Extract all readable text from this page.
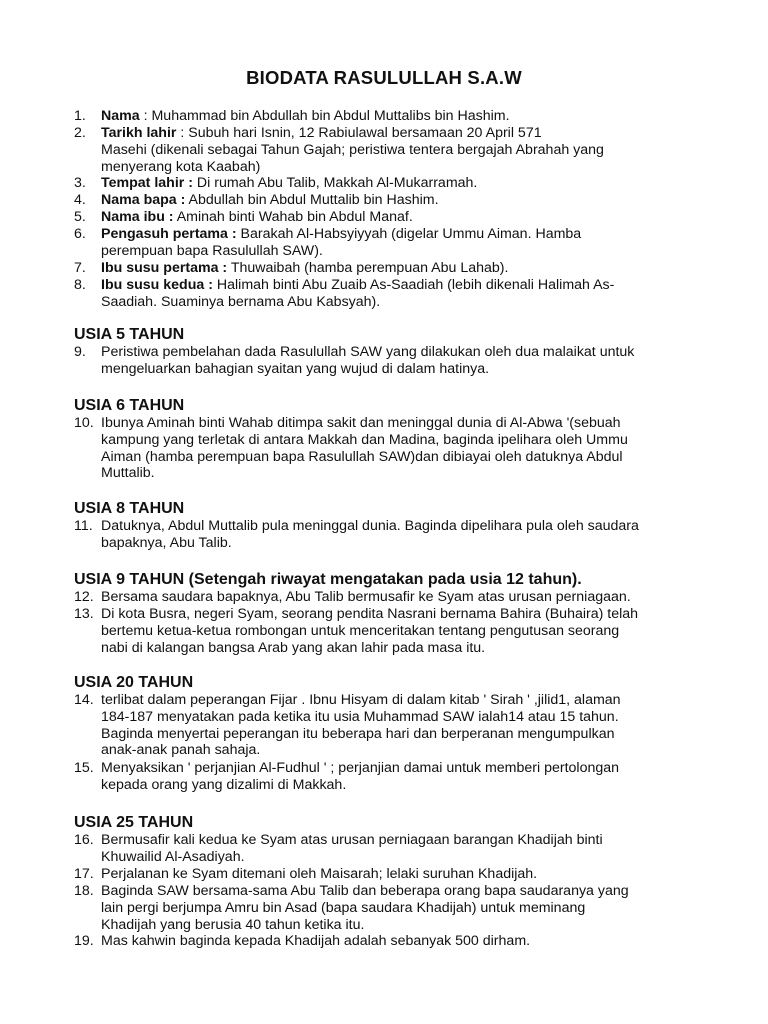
BIODATA RASULULLAH S.A.W
USIA 5 TAHUN
USIA 6 TAHUN
USIA 8 TAHUN
USIA 9 TAHUN (Setengah riwayat mengatakan pada usia 12 tahun).
USIA 20 TAHUN
USIA 25 TAHUN
1. Nama : Muhammad bin Abdullah bin Abdul Muttalibs bin Hashim.
2. Tarikh lahir : Subuh hari Isnin, 12 Rabiulawal bersamaan 20 April 571
Masehi (dikenali sebagai Tahun Gajah; peristiwa tentera bergajah Abrahah yang
menyerang kota Kaabah)
3. Tempat lahir : Di rumah Abu Talib, Makkah Al-Mukarramah.
4. Nama bapa : Abdullah bin Abdul Muttalib bin Hashim.
5. Nama ibu : Aminah binti Wahab bin Abdul Manaf.
6. Pengasuh pertama : Barakah Al-Habsyiyyah (digelar Ummu Aiman. Hamba
perempuan bapa Rasulullah SAW).
7. Ibu susu pertama : Thuwaibah (hamba perempuan Abu Lahab).
8. Ibu susu kedua : Halimah binti Abu Zuaib As-Saadiah (lebih dikenali Halimah As-
Saadiah. Suaminya bernama Abu Kabsyah).
9. Peristiwa pembelahan dada Rasulullah SAW yang dilakukan oleh dua malaikat untuk
mengeluarkan bahagian syaitan yang wujud di dalam hatinya.
10. Ibunya Aminah binti Wahab ditimpa sakit dan meninggal dunia di Al-Abwa '(sebuah
kampung yang terletak di antara Makkah dan Madina, baginda ipelihara oleh Ummu
Aiman (hamba perempuan bapa Rasulullah SAW)dan dibiayai oleh datuknya Abdul
Muttalib.
11. Datuknya, Abdul Muttalib pula meninggal dunia. Baginda dipelihara pula oleh saudara
bapaknya, Abu Talib.
12. Bersama saudara bapaknya, Abu Talib bermusafir ke Syam atas urusan perniagaan.
13. Di kota Busra, negeri Syam, seorang pendita Nasrani bernama Bahira (Buhaira) telah
bertemu ketua-ketua rombongan untuk menceritakan tentang pengutusan seorang
nabi di kalangan bangsa Arab yang akan lahir pada masa itu.
14. terlibat dalam peperangan Fijar . Ibnu Hisyam di dalam kitab ' Sirah ' ,jilid1, alaman
184-187 menyatakan pada ketika itu usia Muhammad SAW ialah14 atau 15 tahun.
Baginda menyertai peperangan itu beberapa hari dan berperanan mengumpulkan
anak-anak panah sahaja.
15. Menyaksikan ' perjanjian Al-Fudhul ' ; perjanjian damai untuk memberi pertolongan
kepada orang yang dizalimi di Makkah.
16. Bermusafir kali kedua ke Syam atas urusan perniagaan barangan Khadijah binti
Khuwailid Al-Asadiyah.
17. Perjalanan ke Syam ditemani oleh Maisarah; lelaki suruhan Khadijah.
18. Baginda SAW bersama-sama Abu Talib dan beberapa orang bapa saudaranya yang
lain pergi berjumpa Amru bin Asad (bapa saudara Khadijah) untuk meminang
Khadijah yang berusia 40 tahun ketika itu.
19. Mas kahwin baginda kepada Khadijah adalah sebanyak 500 dirham.
